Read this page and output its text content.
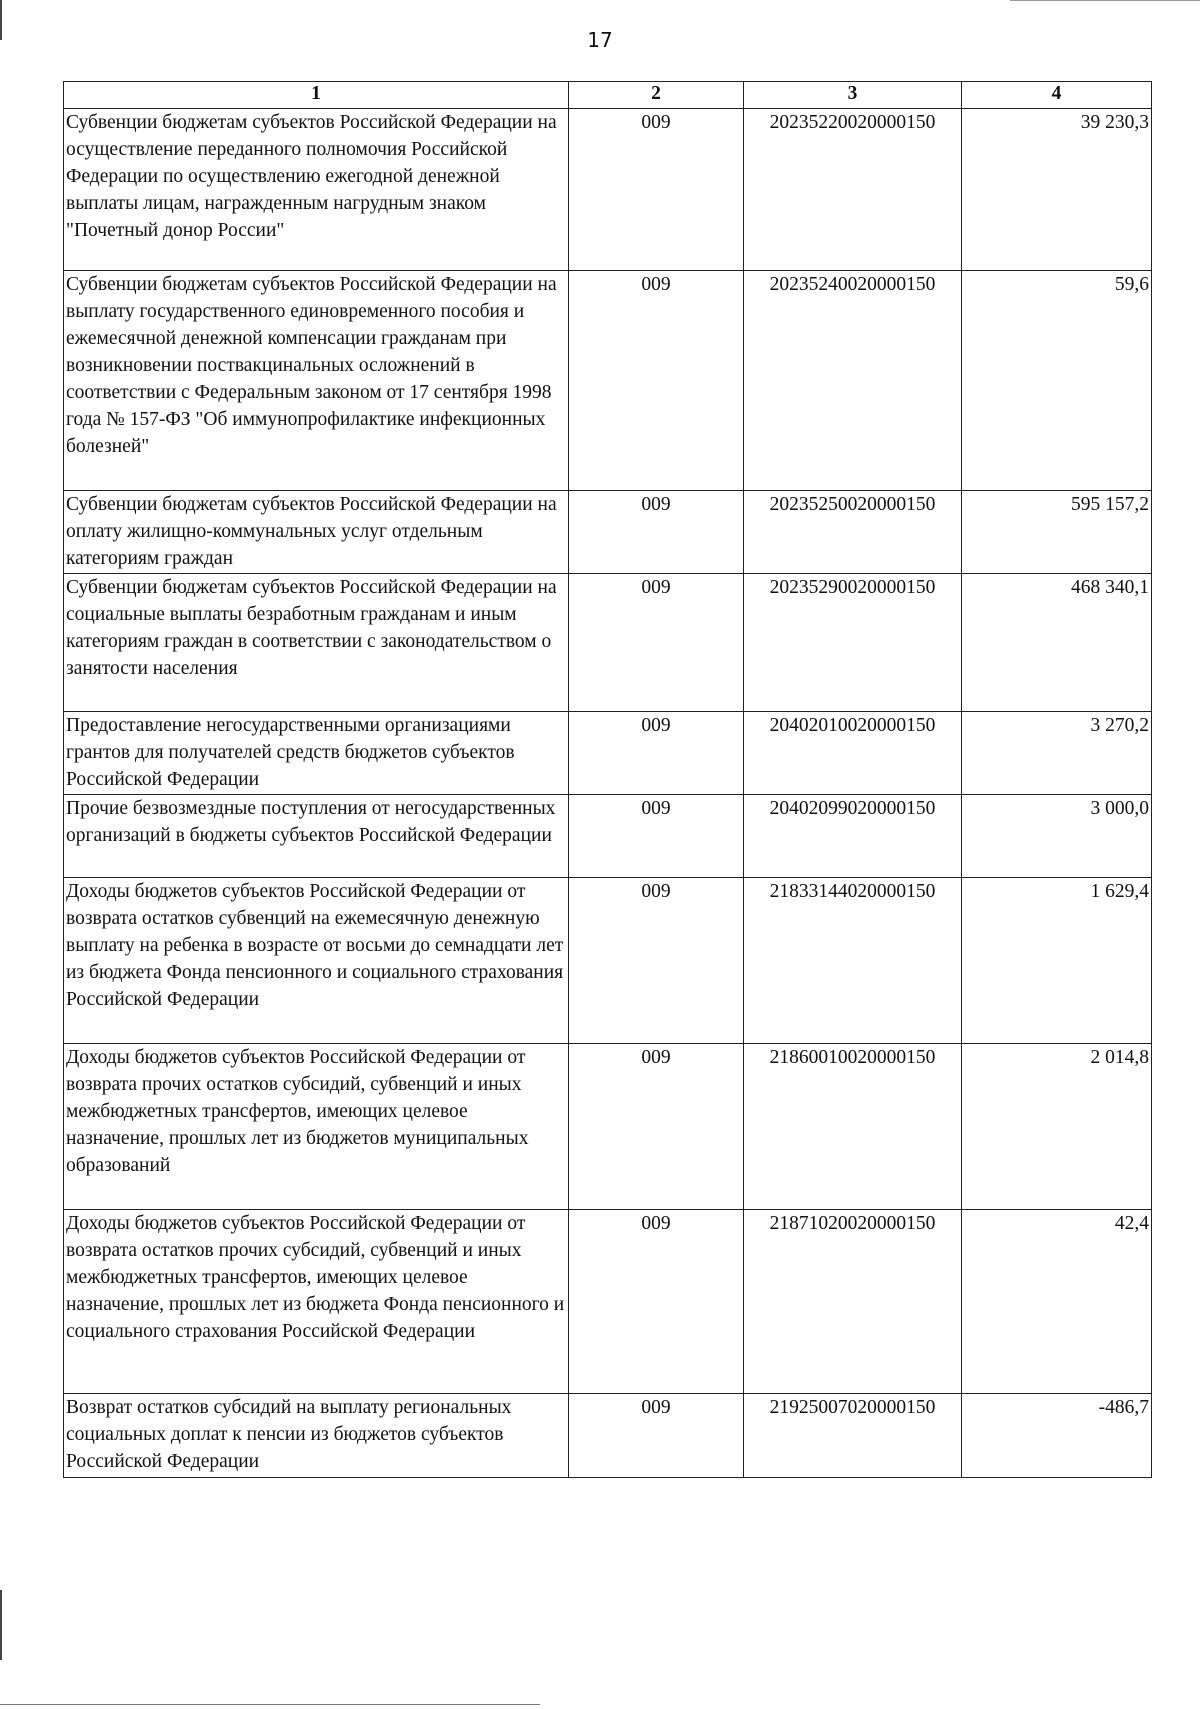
17
1	2	3	4
Субвенции бюджетам субъектов Российской Федерации на осуществление переданного полномочия Российской Федерации по осуществлению ежегодной денежной выплаты лицам, награжденным нагрудным знаком "Почетный донор России"	009	20235220020000150	39 230,3
Субвенции бюджетам субъектов Российской Федерации на выплату государственного единовременного пособия и ежемесячной денежной компенсации гражданам при возникновении поствакцинальных осложнений в соответствии с Федеральным законом от 17 сентября 1998 года № 157-ФЗ "Об иммунопрофилактике инфекционных болезней"	009	20235240020000150	59,6
Субвенции бюджетам субъектов Российской Федерации на оплату жилищно-коммунальных услуг отдельным категориям граждан	009	20235250020000150	595 157,2
Субвенции бюджетам субъектов Российской Федерации на социальные выплаты безработным гражданам и иным категориям граждан в соответствии с законодательством о занятости населения	009	20235290020000150	468 340,1
Предоставление негосударственными организациями грантов для получателей средств бюджетов субъектов Российской Федерации	009	20402010020000150	3 270,2
Прочие безвозмездные поступления от негосударственных организаций в бюджеты субъектов Российской Федерации	009	20402099020000150	3 000,0
Доходы бюджетов субъектов Российской Федерации от возврата остатков субвенций на ежемесячную денежную выплату на ребенка в возрасте от восьми до семнадцати лет из бюджета Фонда пенсионного и социального страхования Российской Федерации	009	21833144020000150	1 629,4
Доходы бюджетов субъектов Российской Федерации от возврата прочих остатков субсидий, субвенций и иных межбюджетных трансфертов, имеющих целевое назначение, прошлых лет из бюджетов муниципальных образований	009	21860010020000150	2 014,8
Доходы бюджетов субъектов Российской Федерации от возврата остатков прочих субсидий, субвенций и иных межбюджетных трансфертов, имеющих целевое назначение, прошлых лет из бюджета Фонда пенсионного и социального страхования Российской Федерации	009	21871020020000150	42,4
Возврат остатков субсидий на выплату региональных социальных доплат к пенсии из бюджетов субъектов Российской Федерации	009	21925007020000150	-486,7
